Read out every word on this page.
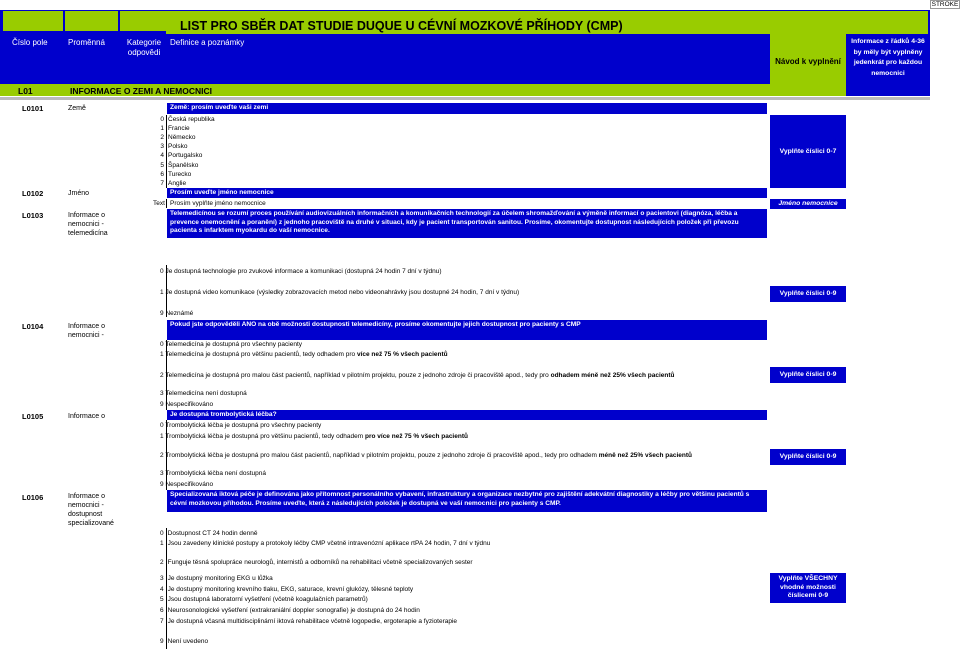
STROKE
LIST PRO SBĚR DAT STUDIE DUQUE U CÉVNÍ MOZKOVÉ PŘÍHODY (CMP)
Číslo pole	Proměnná	Kategorie odpovědi
Definice a poznámky
Návod k vyplnění
Informace z řádků 4-36 by měly být vyplněny jedenkrát pro každou nemocnici
L01	INFORMACE O ZEMI A NEMOCNICI
L0101	Země	Země: prosím uveďte vaši zemi
0 Česká republika
1 Francie
2 Německo
3 Polsko
4 Portugalsko
5 Španělsko
6 Turecko
7 Anglie
Vyplňte číslici 0-7
L0102	Jméno	Prosím uveďte jméno nemocnice
Text Prosím vyplňte jméno nemocnice	Jméno nemocnice
L0103	Informace o nemocnici - telemedicína
Telemedicínou se rozumí proces používání audiovizuálních informačních a komunikačních technologií za účelem shromažďování a výměně informací o pacientovi (diagnóza, léčba a prevence onemocnění a poranění) z jednoho pracoviště na druhé v situaci, kdy je pacient transportován sanitou. Prosíme, okomentujte dostupnost následujících položek při převozu pacienta s infarktem myokardu do vaší nemocnice.
0 Je dostupná technologie pro zvukové informace a komunikaci (dostupná 24 hodin 7 dní v týdnu)
1 Je dostupná video komunikace (výsledky zobrazovacích metod nebo videonahrávky jsou dostupné 24 hodin, 7 dní v týdnu)
9 Neznámé
Vyplňte číslici 0-9
L0104	Informace o nemocnici -
Pokud jste odpověděli ANO na obě možnosti dostupnosti telemedicíny, prosíme okomentujte jejich dostupnost pro pacienty s CMP
0 Telemedicína je dostupná pro všechny pacienty
1 Telemedicína je dostupná pro většinu pacientů, tedy odhadem pro více než 75 % všech pacientů
2 Telemedicína je dostupná pro malou část pacientů, například v pilotním projektu, pouze z jednoho zdroje či pracoviště apod., tedy pro odhadem méně než 25% všech pacientů
3 Telemedicína není dostupná
9 Nespecifikováno
Vyplňte číslici 0-9
L0105	Informace o	Je dostupná trombolytická léčba?
0 Trombolytická léčba je dostupná pro všechny pacienty
1 Trombolytická léčba je dostupná pro většinu pacientů, tedy odhadem pro více než 75 % všech pacientů
2 Trombolytická léčba je dostupná pro malou část pacientů, například v pilotním projektu, pouze z jednoho zdroje či pracoviště apod., tedy pro odhadem méně než 25% všech pacientů
3 Trombolytická léčba není dostupná
9 Nespecifikováno
Vyplňte číslici 0-9
L0106	Informace o nemocnici - dostupnost specializované
Specializovaná iktová péče je definována jako přítomnost personálního vybavení, infrastruktury a organizace nezbytné pro zajištění adekvátní diagnostiky a léčby pro většinu pacientů s cévní mozkovou příhodou. Prosíme uveďte, která z následujících položek je dostupná ve vaší nemocnici pro pacienty s CMP.
0 Dostupnost CT 24 hodin denně
1 Jsou zavedeny klinické postupy a protokoly léčby CMP včetně intravenózní aplikace rtPA 24 hodin, 7 dní v týdnu
2 Funguje těsná spolupráce neurologů, internistů a odborníků na rehabilitaci včetně specializovaných sester
3 Je dostupný monitoring EKG u lůžka
4 Je dostupný monitoring krevního tlaku, EKG, saturace, krevní glukózy, tělesné teploty
5 Jsou dostupná laboratorní vyšetření (včetně koagulačních parametrů)
6 Neurosonologické vyšetření (extrakraniální doppler sonografie) je dostupná do 24 hodin
7 Je dostupná včasná multidisciplinární iktová rehabilitace včetně logopedie, ergoterapie a fyzioterapie
9 Není uvedeno
Vyplňte VŠECHNY vhodné možnosti číslicemi 0-9
